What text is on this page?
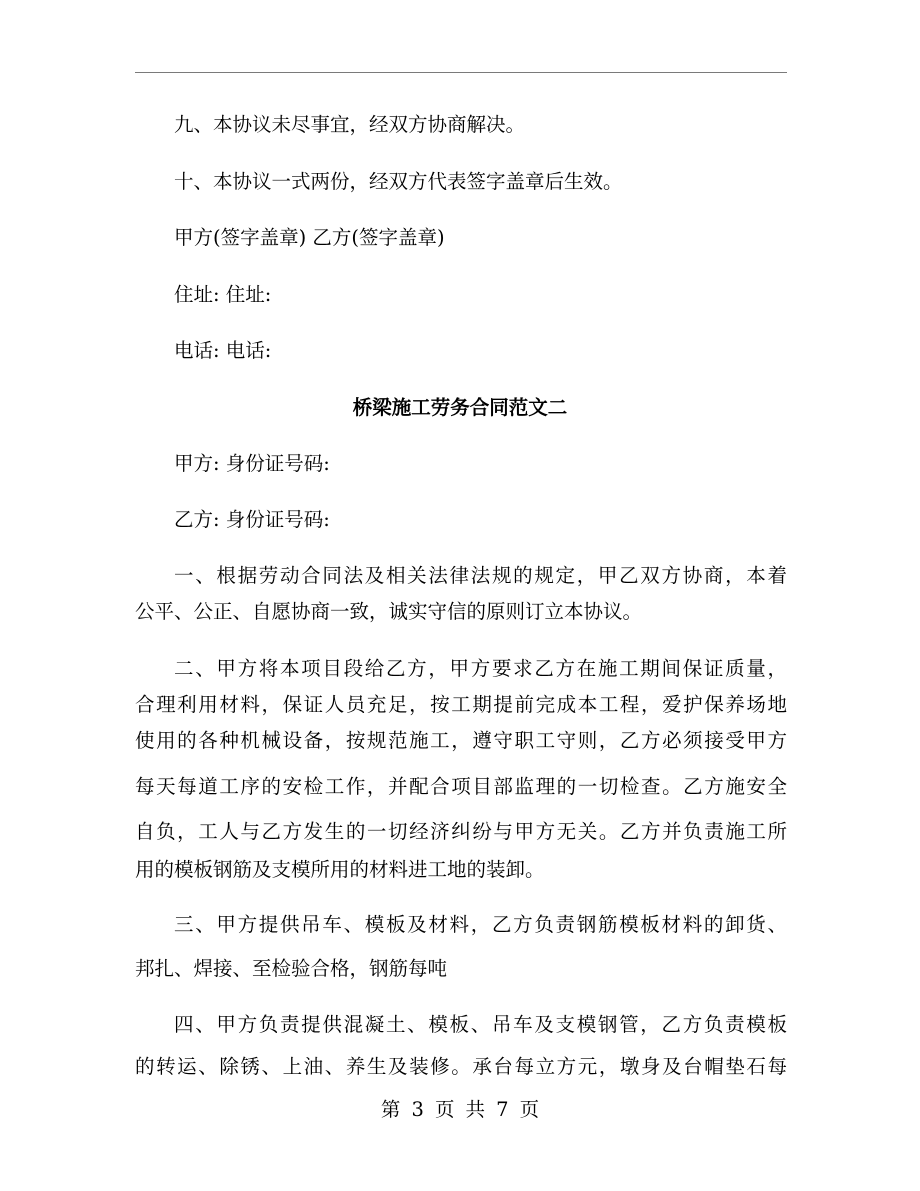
九、本协议未尽事宜，经双方协商解决。

十、本协议一式两份，经双方代表签字盖章后生效。

甲方(签字盖章) 乙方(签字盖章)

住址: 住址:

电话: 电话:

桥梁施工劳务合同范文二

甲方: 身份证号码:

乙方: 身份证号码:

一、根据劳动合同法及相关法律法规的规定，甲乙双方协商，本着

公平、公正、自愿协商一致，诚实守信的原则订立本协议。

二、甲方将本项目段给乙方，甲方要求乙方在施工期间保证质量，

合理利用材料，保证人员充足，按工期提前完成本工程，爱护保养场地

使用的各种机械设备，按规范施工，遵守职工守则，乙方必须接受甲方

每天每道工序的安检工作，并配合项目部监理的一切检查。乙方施安全

自负，工人与乙方发生的一切经济纠纷与甲方无关。乙方并负责施工所

用的模板钢筋及支模所用的材料进工地的装卸。

三、甲方提供吊车、模板及材料，乙方负责钢筋模板材料的卸货、

邦扎、焊接、至检验合格，钢筋每吨

四、甲方负责提供混凝土、模板、吊车及支模钢管，乙方负责模板

的转运、除锈、上油、养生及装修。承台每立方元，墩身及台帽垫石每

第 3 页 共 7 页
